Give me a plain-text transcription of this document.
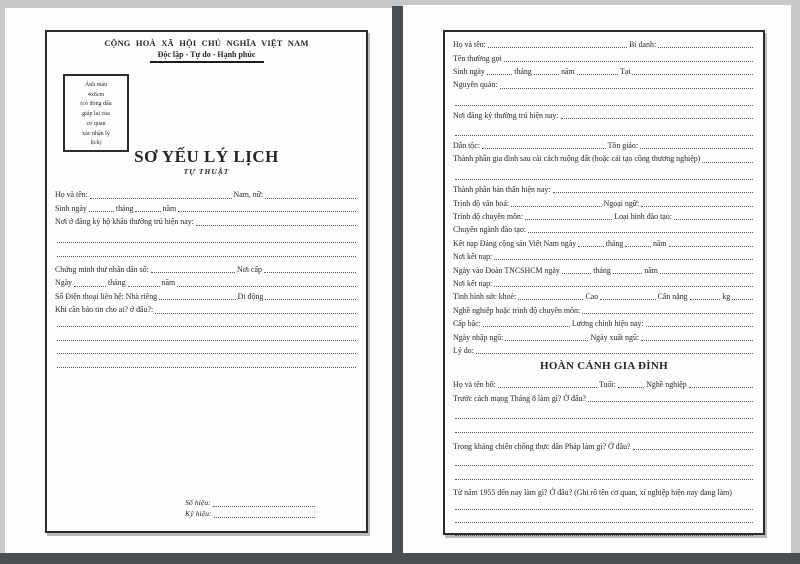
CỘNG HOÀ XÃ HỘI CHỦ NGHĨA VIỆT NAM
Độc lập - Tự do - Hạnh phúc
Ảnh màu
4x6cm
(có đóng dấu
giáp lai của
cơ quan
xác nhận lý
lịch)
SƠ YẾU LÝ LỊCH
TỰ THUẬT
Họ và tên:	Nam, nữ:
Sinh ngày	tháng	năm
Nơi ở đăng ký hộ khẩu thường trú hiện nay:
Chứng minh thư nhân dân số:	Nơi cấp
Ngày	tháng	năm
Số Điện thoại liên hệ: Nhà riêng	Di động
Khi cần báo tin cho ai? ở đâu?:
Số hiệu:
Ký hiệu:
Họ và tên:	Bí danh:
Tên thường gọi
Sinh ngày	tháng	năm	Tại
Nguyên quán:
Nơi đăng ký thường trú hiện nay:
Dân tộc:	Tôn giáo:
Thành phần gia đình sau cải cách ruộng đất (hoặc cải tạo công thương nghiệp)
Thành phần bản thân hiện nay:
Trình độ văn hoá:	Ngoại ngữ:
Trình độ chuyên môn:	Loại hình đào tạo:
Chuyên ngành đào tạo:
Kết nạp Đảng cộng sản Việt Nam ngày	tháng	năm
Nơi kết nạp:
Ngày vào Đoàn TNCSHCM ngày	tháng	năm
Nơi kết nạp:
Tình hình sức khoẻ:	Cao	Cân nặng	kg
Nghề nghiệp hoặc trình độ chuyên môn:
Cấp bậc:	Lương chính hiện nay:
Ngày nhập ngũ:	Ngày xuất ngũ:
Lý do:
HOÀN CẢNH GIA ĐÌNH
Họ và tên bố:	Tuổi:	Nghề nghiệp
Trước cách mạng Tháng 8 làm gì? Ở đâu?
Trong kháng chiến chống thực dân Pháp làm gì? Ở đâu?
Từ năm 1955 đến nay làm gì? Ở đâu? (Ghi rõ tên cơ quan, xí nghiệp hiện nay đang làm)
